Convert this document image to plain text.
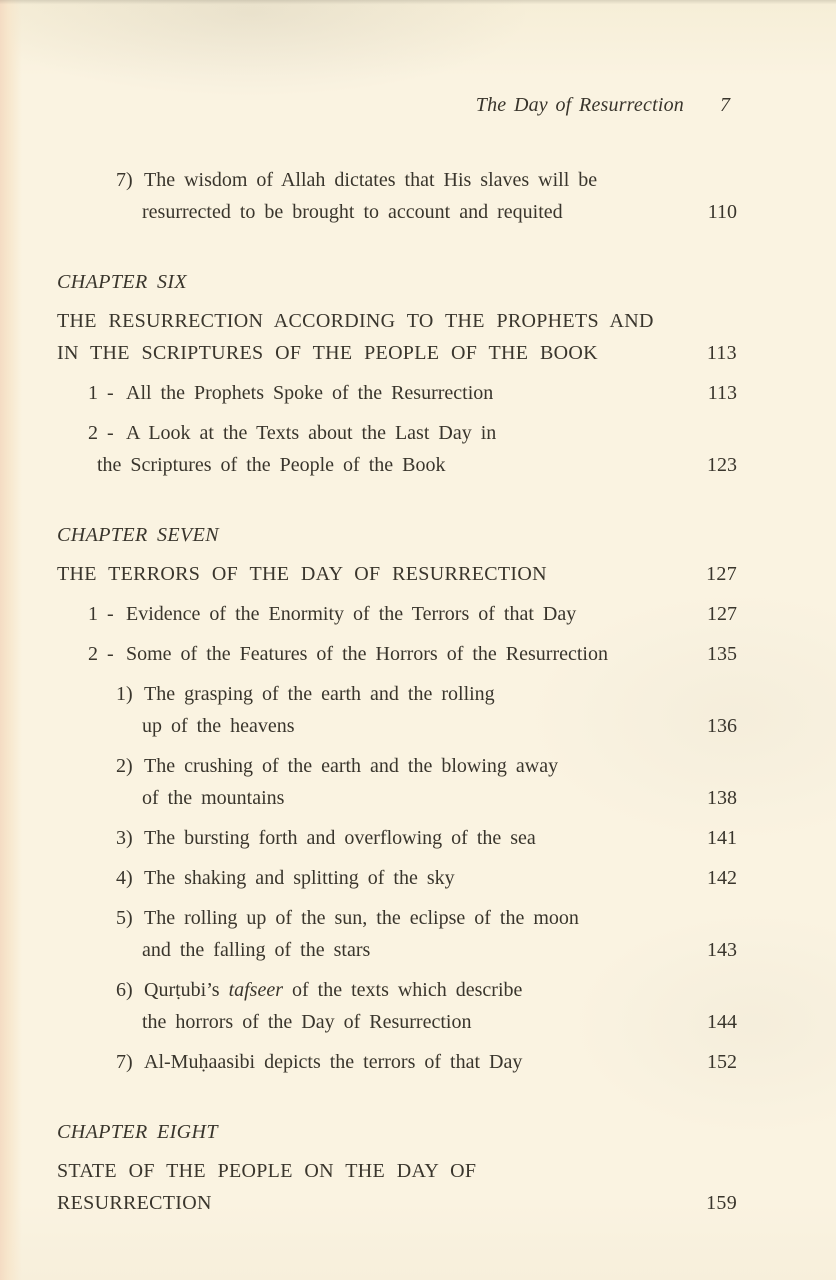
The Day of Resurrection 7
7) The wisdom of Allah dictates that His slaves will be
resurrected to be brought to account and requited	110
CHAPTER SIX
THE RESURRECTION ACCORDING TO THE PROPHETS AND
IN THE SCRIPTURES OF THE PEOPLE OF THE BOOK	113
1 - All the Prophets Spoke of the Resurrection	113
2 - A Look at the Texts about the Last Day in
the Scriptures of the People of the Book	123
CHAPTER SEVEN
THE TERRORS OF THE DAY OF RESURRECTION	127
1 - Evidence of the Enormity of the Terrors of that Day	127
2 - Some of the Features of the Horrors of the Resurrection	135
1) The grasping of the earth and the rolling
up of the heavens	136
2) The crushing of the earth and the blowing away
of the mountains	138
3) The bursting forth and overflowing of the sea	141
4) The shaking and splitting of the sky	142
5) The rolling up of the sun, the eclipse of the moon
and the falling of the stars	143
6) Qurṭubi’s tafseer of the texts which describe
the horrors of the Day of Resurrection	144
7) Al-Muḥaasibi depicts the terrors of that Day	152
CHAPTER EIGHT
STATE OF THE PEOPLE ON THE DAY OF
RESURRECTION	159
